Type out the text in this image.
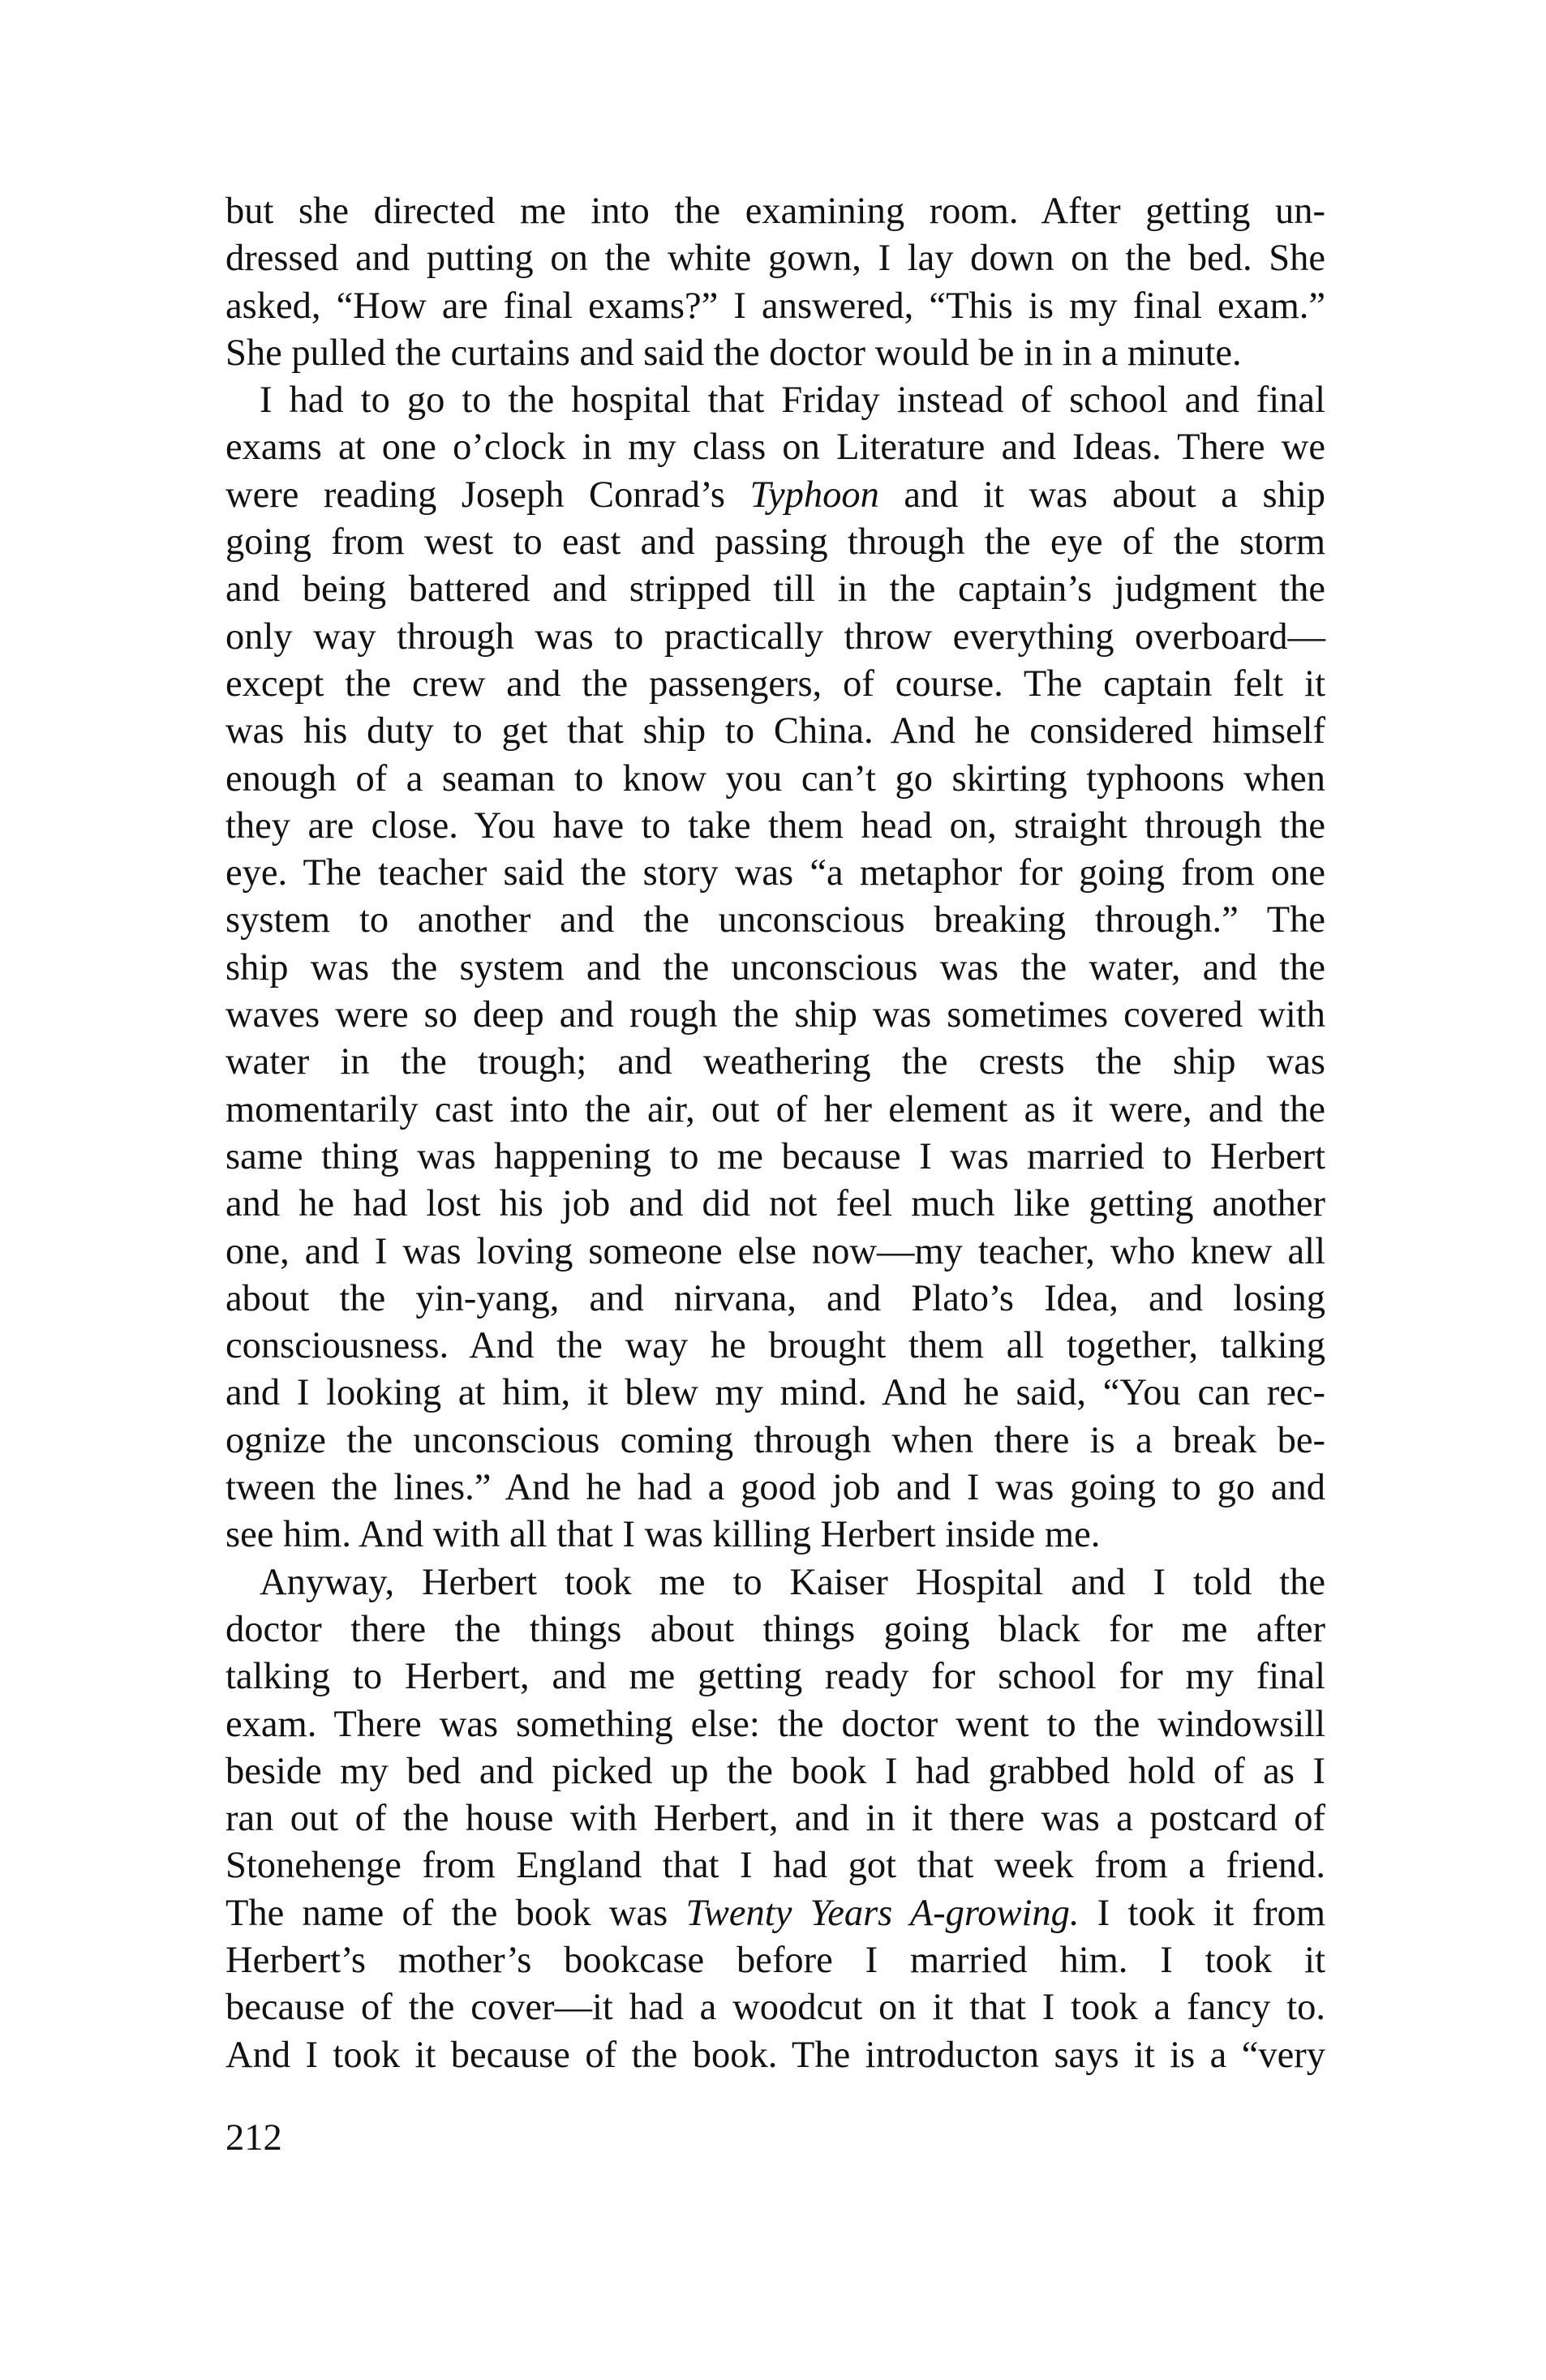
but she directed me into the examining room. After getting un-

dressed and putting on the white gown, I lay down on the bed. She

asked, “How are final exams?” I answered, “This is my final exam.”

She pulled the curtains and said the doctor would be in in a minute.

I had to go to the hospital that Friday instead of school and final

exams at one o’clock in my class on Literature and Ideas. There we

were reading Joseph Conrad’s Typhoon and it was about a ship

going from west to east and passing through the eye of the storm

and being battered and stripped till in the captain’s judgment the

only way through was to practically throw everything overboard—

except the crew and the passengers, of course. The captain felt it

was his duty to get that ship to China. And he considered himself

enough of a seaman to know you can’t go skirting typhoons when

they are close. You have to take them head on, straight through the

eye. The teacher said the story was “a metaphor for going from one

system to another and the unconscious breaking through.” The

ship was the system and the unconscious was the water, and the

waves were so deep and rough the ship was sometimes covered with

water in the trough; and weathering the crests the ship was

momentarily cast into the air, out of her element as it were, and the

same thing was happening to me because I was married to Herbert

and he had lost his job and did not feel much like getting another

one, and I was loving someone else now—my teacher, who knew all

about the yin-yang, and nirvana, and Plato’s Idea, and losing

consciousness. And the way he brought them all together, talking

and I looking at him, it blew my mind. And he said, “You can rec-

ognize the unconscious coming through when there is a break be-

tween the lines.” And he had a good job and I was going to go and

see him. And with all that I was killing Herbert inside me.

Anyway, Herbert took me to Kaiser Hospital and I told the

doctor there the things about things going black for me after

talking to Herbert, and me getting ready for school for my final

exam. There was something else: the doctor went to the windowsill

beside my bed and picked up the book I had grabbed hold of as I

ran out of the house with Herbert, and in it there was a postcard of

Stonehenge from England that I had got that week from a friend.

The name of the book was Twenty Years A-growing. I took it from

Herbert’s mother’s bookcase before I married him. I took it

because of the cover—it had a woodcut on it that I took a fancy to.

And I took it because of the book. The introducton says it is a “very

212
